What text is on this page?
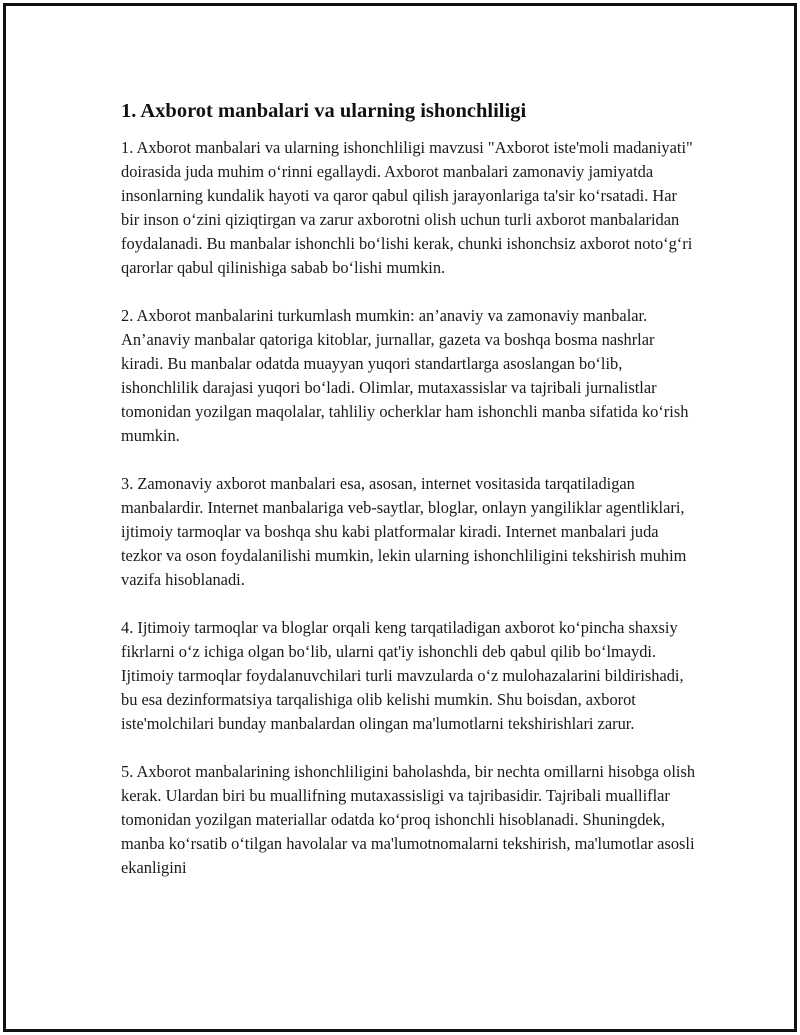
1. Axborot manbalari va ularning ishonchliligi

1. Axborot manbalari va ularning ishonchliligi mavzusi "Axborot iste'moli madaniyati" doirasida juda muhim o‘rinni egallaydi. Axborot manbalari zamonaviy jamiyatda insonlarning kundalik hayoti va qaror qabul qilish jarayonlariga ta'sir ko‘rsatadi. Har bir inson o‘zini qiziqtirgan va zarur axborotni olish uchun turli axborot manbalaridan foydalanadi. Bu manbalar ishonchli bo‘lishi kerak, chunki ishonchsiz axborot noto‘g‘ri qarorlar qabul qilinishiga sabab bo‘lishi mumkin.

2. Axborot manbalarini turkumlash mumkin: an’anaviy va zamonaviy manbalar. An’anaviy manbalar qatoriga kitoblar, jurnallar, gazeta va boshqa bosma nashrlar kiradi. Bu manbalar odatda muayyan yuqori standartlarga asoslangan bo‘lib, ishonchlilik darajasi yuqori bo‘ladi. Olimlar, mutaxassislar va tajribali jurnalistlar tomonidan yozilgan maqolalar, tahliliy ocherklar ham ishonchli manba sifatida ko‘rish mumkin.

3. Zamonaviy axborot manbalari esa, asosan, internet vositasida tarqatiladigan manbalardir. Internet manbalariga veb-saytlar, bloglar, onlayn yangiliklar agentliklari, ijtimoiy tarmoqlar va boshqa shu kabi platformalar kiradi. Internet manbalari juda tezkor va oson foydalanilishi mumkin, lekin ularning ishonchliligini tekshirish muhim vazifa hisoblanadi.

4. Ijtimoiy tarmoqlar va bloglar orqali keng tarqatiladigan axborot ko‘pincha shaxsiy fikrlarni o‘z ichiga olgan bo‘lib, ularni qat'iy ishonchli deb qabul qilib bo‘lmaydi. Ijtimoiy tarmoqlar foydalanuvchilari turli mavzularda o‘z mulohazalarini bildirishadi, bu esa dezinformatsiya tarqalishiga olib kelishi mumkin. Shu boisdan, axborot iste'molchilari bunday manbalardan olingan ma'lumotlarni tekshirishlari zarur.

5. Axborot manbalarining ishonchliligini baholashda, bir nechta omillarni hisobga olish kerak. Ulardan biri bu muallifning mutaxassisligi va tajribasidir. Tajribali mualliflar tomonidan yozilgan materiallar odatda ko‘proq ishonchli hisoblanadi. Shuningdek, manba ko‘rsatib o‘tilgan havolalar va ma'lumotnomalarni tekshirish, ma'lumotlar asosli ekanligini
